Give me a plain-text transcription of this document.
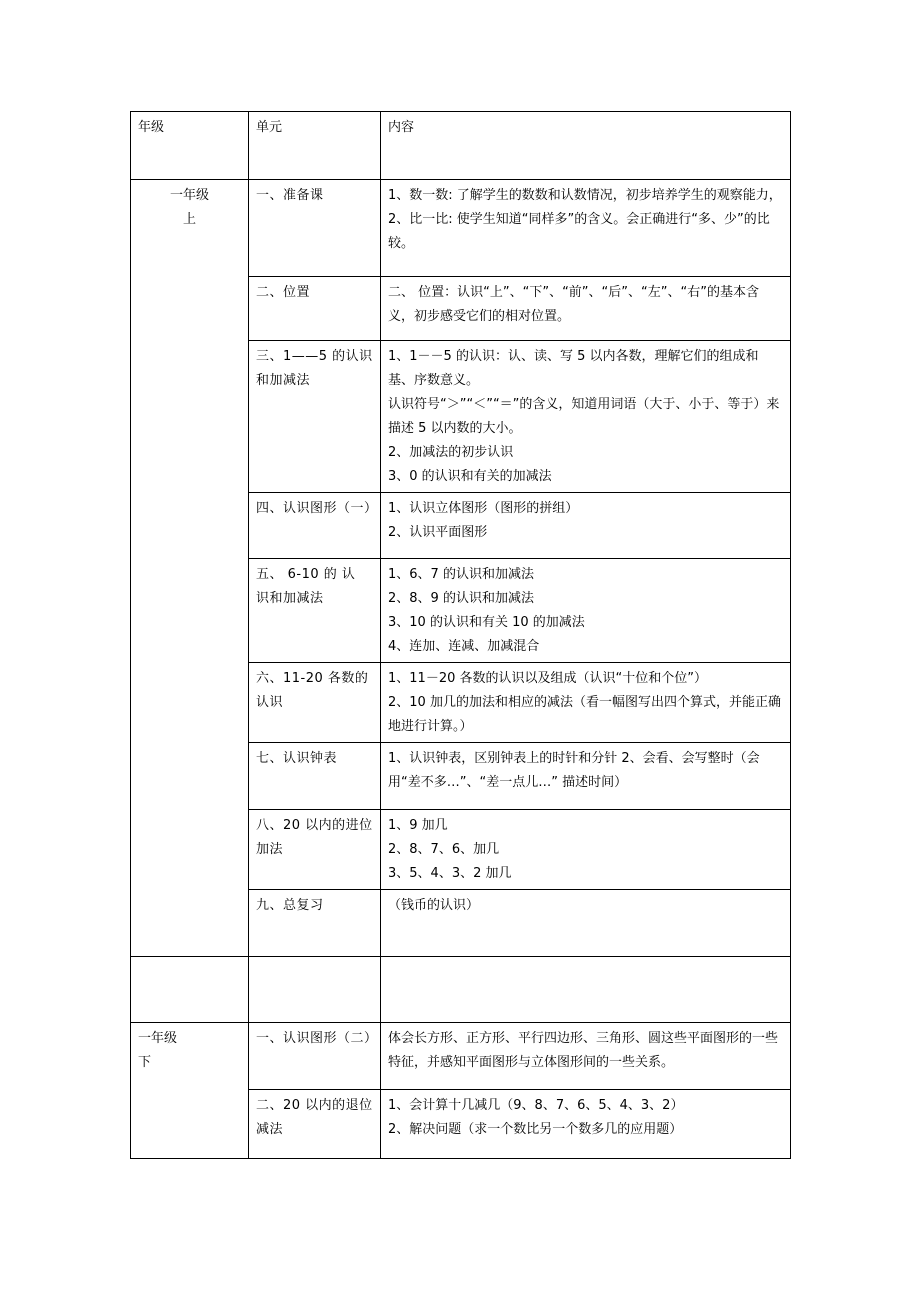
年级	单元	内容

一年级
上	一、准备课	1、数一数: 了解学生的数数和认数情况，初步培养学生的观察能力，
2、比一比: 使学生知道“同样多”的含义。会正确进行“多、少”的比较。

	二、位置	二、 位置：认识“上”、“下”、“前”、“后”、“左”、“右”的基本含义，初步感受它们的相对位置。

	三、1——5 的认识和加减法	1、1－－5 的认识：认、读、写 5 以内各数，理解它们的组成和基、序数意义。
认识符号“＞”“＜”“＝”的含义，知道用词语（大于、小于、等于）来描述 5 以内数的大小。
2、加减法的初步认识
3、0 的认识和有关的加减法

	四、认识图形（一）	1、认识立体图形（图形的拼组）
2、认识平面图形

	五、 6-10 的 认 识和加减法	1、6、7 的认识和加减法
2、8、9 的认识和加减法
3、10 的认识和有关 10 的加减法
4、连加、连减、加减混合

	六、11-20 各数的认识	1、11－20 各数的认识以及组成（认识“十位和个位”）
2、10 加几的加法和相应的减法（看一幅图写出四个算式，并能正确地进行计算。）

	七、认识钟表	1、认识钟表，区别钟表上的时针和分针 2、会看、会写整时（会用“差不多…”、“差一点儿…” 描述时间）

	八、20 以内的进位加法	1、9 加几
2、8、7、6、加几
3、5、4、3、2 加几

	九、总复习	（钱币的认识）

一年级
下	一、认识图形（二）	体会长方形、正方形、平行四边形、三角形、圆这些平面图形的一些特征，并感知平面图形与立体图形间的一些关系。

	二、20 以内的退位减法	1、会计算十几减几（9、8、7、6、5、4、3、2）
2、解决问题（求一个数比另一个数多几的应用题）
